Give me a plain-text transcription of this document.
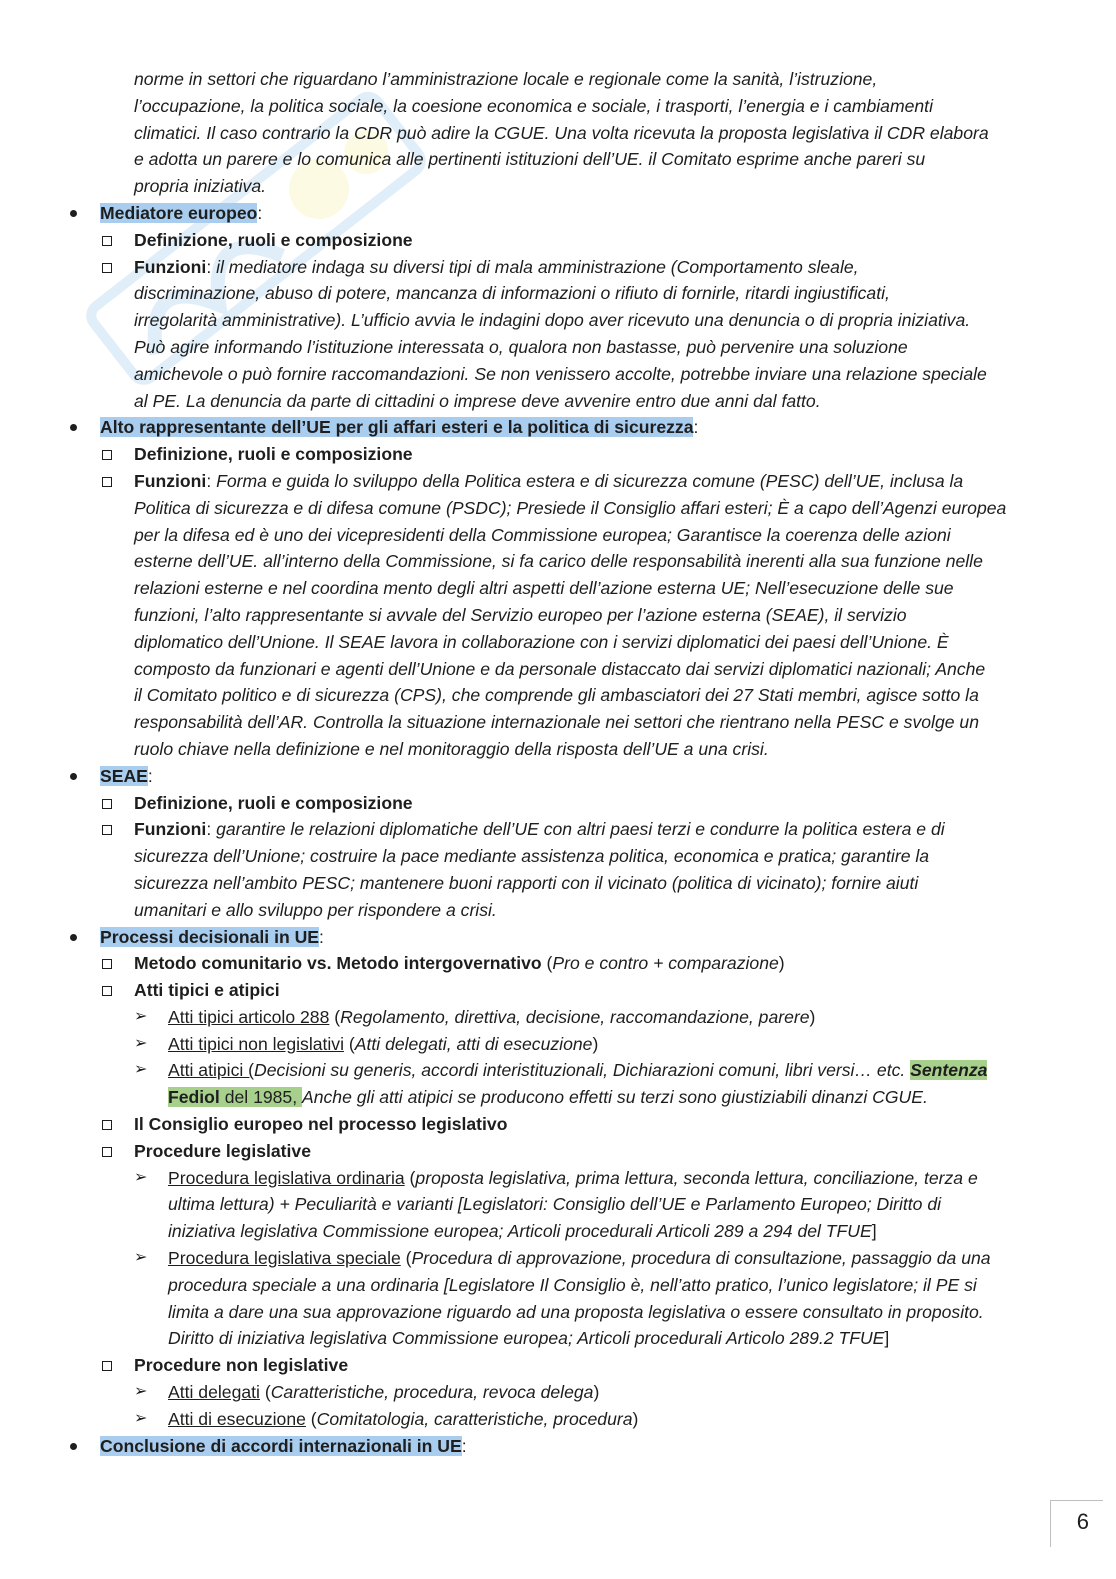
norme in settori che riguardano l’amministrazione locale e regionale come la sanità, l’istruzione,
l’occupazione, la politica sociale, la coesione economica e sociale, i trasporti, l’energia e i cambiamenti
climatici. Il caso contrario la CDR può adire la CGUE. Una volta ricevuta la proposta legislativa il CDR elabora
e adotta un parere e lo comunica alle pertinenti istituzioni dell’UE. il Comitato esprime anche pareri su
propria iniziativa.
Mediatore europeo:
Definizione, ruoli e composizione
Funzioni: il mediatore indaga su diversi tipi di mala amministrazione (Comportamento sleale,
discriminazione, abuso di potere, mancanza di informazioni o rifiuto di fornirle, ritardi ingiustificati,
irregolarità amministrative). L’ufficio avvia le indagini dopo aver ricevuto una denuncia o di propria iniziativa.
Può agire informando l’istituzione interessata o, qualora non bastasse, può pervenire una soluzione
amichevole o può fornire raccomandazioni. Se non venissero accolte, potrebbe inviare una relazione speciale
al PE. La denuncia da parte di cittadini o imprese deve avvenire entro due anni dal fatto.
Alto rappresentante dell’UE per gli affari esteri e la politica di sicurezza:
Definizione, ruoli e composizione
Funzioni: Forma e guida lo sviluppo della Politica estera e di sicurezza comune (PESC) dell’UE, inclusa la
Politica di sicurezza e di difesa comune (PSDC); Presiede il Consiglio affari esteri; È a capo dell’Agenzi europea
per la difesa ed è uno dei vicepresidenti della Commissione europea; Garantisce la coerenza delle azioni
esterne dell’UE. all’interno della Commissione, si fa carico delle responsabilità inerenti alla sua funzione nelle
relazioni esterne e nel coordina mento degli altri aspetti dell’azione esterna UE; Nell’esecuzione delle sue
funzioni, l’alto rappresentante si avvale del Servizio europeo per l’azione esterna (SEAE), il servizio
diplomatico dell’Unione. Il SEAE lavora in collaborazione con i servizi diplomatici dei paesi dell’Unione. È
composto da funzionari e agenti dell’Unione e da personale distaccato dai servizi diplomatici nazionali; Anche
il Comitato politico e di sicurezza (CPS), che comprende gli ambasciatori dei 27 Stati membri, agisce sotto la
responsabilità dell’AR. Controlla la situazione internazionale nei settori che rientrano nella PESC e svolge un
ruolo chiave nella definizione e nel monitoraggio della risposta dell’UE a una crisi.
SEAE:
Definizione, ruoli e composizione
Funzioni: garantire le relazioni diplomatiche dell’UE con altri paesi terzi e condurre la politica estera e di
sicurezza dell’Unione; costruire la pace mediante assistenza politica, economica e pratica; garantire la
sicurezza nell’ambito PESC; mantenere buoni rapporti con il vicinato (politica di vicinato); fornire aiuti
umanitari e allo sviluppo per rispondere a crisi.
Processi decisionali in UE:
Metodo comunitario vs. Metodo intergovernativo (Pro e contro + comparazione)
Atti tipici e atipici
➢	Atti tipici articolo 288 (Regolamento, direttiva, decisione, raccomandazione, parere)
➢	Atti tipici non legislativi (Atti delegati, atti di esecuzione)
➢	Atti atipici (Decisioni su generis, accordi interistituzionali, Dichiarazioni comuni, libri versi… etc. Sentenza
Fediol del 1985, Anche gli atti atipici se producono effetti su terzi sono giustiziabili dinanzi CGUE.
Il Consiglio europeo nel processo legislativo
Procedure legislative
➢	Procedura legislativa ordinaria (proposta legislativa, prima lettura, seconda lettura, conciliazione, terza e
ultima lettura) + Peculiarità e varianti [Legislatori: Consiglio dell’UE e Parlamento Europeo; Diritto di
iniziativa legislativa Commissione europea; Articoli procedurali Articoli 289 a 294 del TFUE]
➢	Procedura legislativa speciale (Procedura di approvazione, procedura di consultazione, passaggio da una
procedura speciale a una ordinaria [Legislatore Il Consiglio è, nell’atto pratico, l’unico legislatore; il PE si
limita a dare una sua approvazione riguardo ad una proposta legislativa o essere consultato in proposito.
Diritto di iniziativa legislativa Commissione europea; Articoli procedurali Articolo 289.2 TFUE]
Procedure non legislative
➢	Atti delegati (Caratteristiche, procedura, revoca delega)
➢	Atti di esecuzione (Comitatologia, caratteristiche, procedura)
Conclusione di accordi internazionali in UE:
6
